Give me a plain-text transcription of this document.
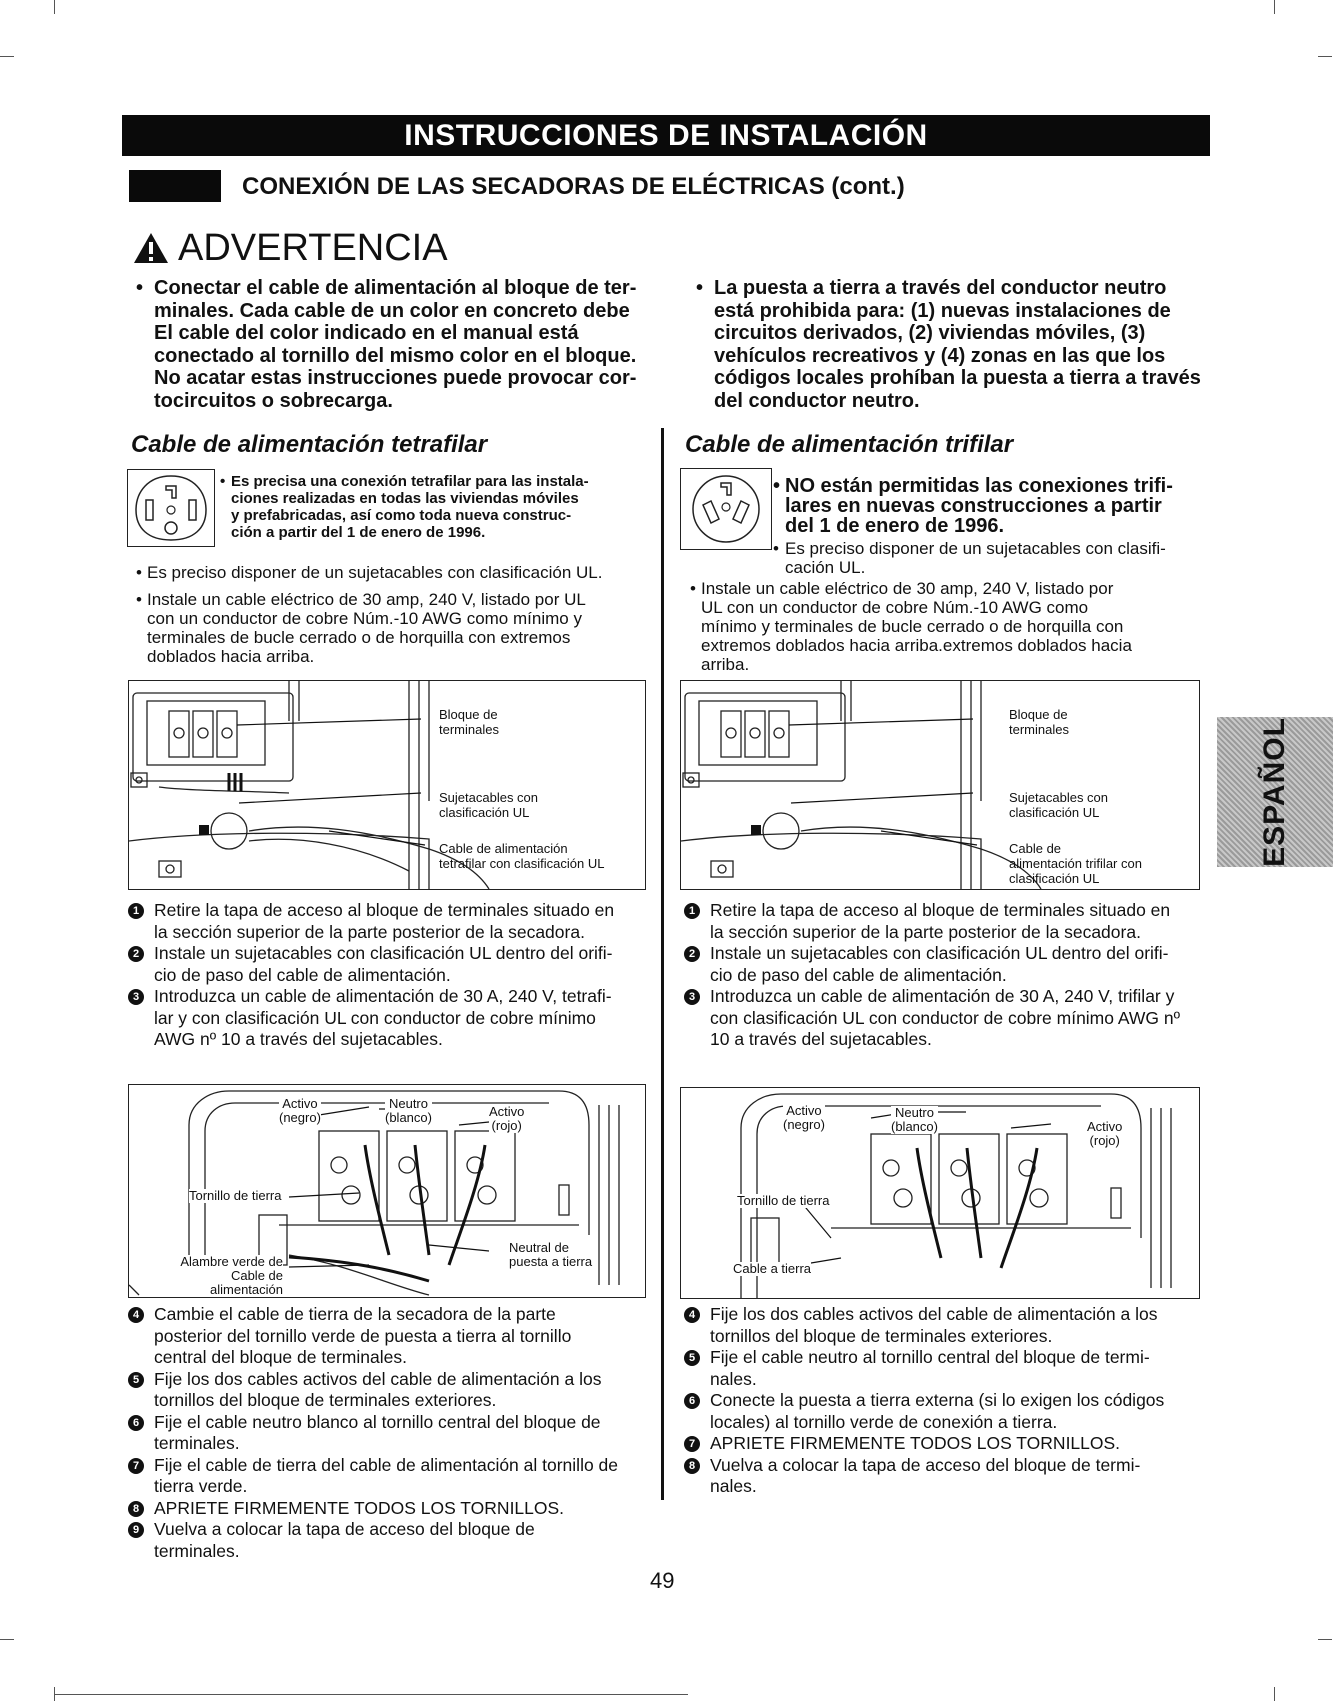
INSTRUCCIONES DE INSTALACIÓN
CONEXIÓN DE LAS SECADORAS DE ELÉCTRICAS (cont.)
ADVERTENCIA
• Conectar el cable de alimentación al bloque de ter-
minales. Cada cable de un color en concreto debe
El cable del color indicado en el manual está
conectado al tornillo del mismo color en el bloque.
No acatar estas instrucciones puede provocar cor-
tocircuitos o sobrecarga.
• La puesta a tierra a través del conductor neutro
está prohibida para: (1) nuevas instalaciones de
circuitos derivados, (2) viviendas móviles, (3)
vehículos recreativos y (4) zonas en las que los
códigos locales prohíban la puesta a tierra a través
del conductor neutro.
Cable de alimentación tetrafilar
• Es precisa una conexión tetrafilar para las instala-
ciones realizadas en todas las viviendas móviles
y prefabricadas, así como toda nueva construc-
ción a partir del 1 de enero de 1996.
• Es preciso disponer de un sujetacables con clasificación UL.
• Instale un cable eléctrico de 30 amp, 240 V, listado por UL
con un conductor de cobre Núm.-10 AWG como mínimo y
terminales de bucle cerrado o de horquilla con extremos
doblados hacia arriba.
Bloque de
terminales
Sujetacables con
clasificación UL
Cable de alimentación
tetrafilar con clasificación UL
1 Retire la tapa de acceso al bloque de terminales situado en
la sección superior de la parte posterior de la secadora.
2 Instale un sujetacables con clasificación UL dentro del orifi-
cio de paso del cable de alimentación.
3 Introduzca un cable de alimentación de 30 A, 240 V, tetrafi-
lar y con clasificación UL con conductor de cobre mínimo
AWG nº 10 a través del sujetacables.
Activo
(negro)
Neutro
(blanco)	Activo
(rojo)
Tornillo de tierra
Neutral de
puesta a tierra
Alambre verde de
Cable de alimentación
4 Cambie el cable de tierra de la secadora de la parte
posterior del tornillo verde de puesta a tierra al tornillo
central del bloque de terminales.
5 Fije los dos cables activos del cable de alimentación a los
tornillos del bloque de terminales exteriores.
6 Fije el cable neutro blanco al tornillo central del bloque de
terminales.
7 Fije el cable de tierra del cable de alimentación al tornillo de
tierra verde.
8 APRIETE FIRMEMENTE TODOS LOS TORNILLOS.
9 Vuelva a colocar la tapa de acceso del bloque de
terminales.
Cable de alimentación trifilar
• NO están permitidas las conexiones trifi-
lares en nuevas construcciones a partir
del 1 de enero de 1996.
• Es preciso disponer de un sujetacables con clasifi-
cación UL.
• Instale un cable eléctrico de 30 amp, 240 V, listado por
UL con un conductor de cobre Núm.-10 AWG como
mínimo y terminales de bucle cerrado o de horquilla con
extremos doblados hacia arriba.extremos doblados hacia
arriba.
Bloque de
terminales
Sujetacables con
clasificación UL
Cable de
alimentación trifilar con
clasificación UL
1 Retire la tapa de acceso al bloque de terminales situado en
la sección superior de la parte posterior de la secadora.
2 Instale un sujetacables con clasificación UL dentro del orifi-
cio de paso del cable de alimentación.
3 Introduzca un cable de alimentación de 30 A, 240 V, trifilar y
con clasificación UL con conductor de cobre mínimo AWG nº
10 a través del sujetacables.
Activo
(negro)
Neutro
(blanco)	Activo
(rojo)
Tornillo de tierra
Cable a tierra
4 Fije los dos cables activos del cable de alimentación a los
tornillos del bloque de terminales exteriores.
5 Fije el cable neutro al tornillo central del bloque de termi-
nales.
6 Conecte la puesta a tierra externa (si lo exigen los códigos
locales) al tornillo verde de conexión a tierra.
7 APRIETE FIRMEMENTE TODOS LOS TORNILLOS.
8 Vuelva a colocar la tapa de acceso del bloque de termi-
nales.
ESPAÑOL
49
